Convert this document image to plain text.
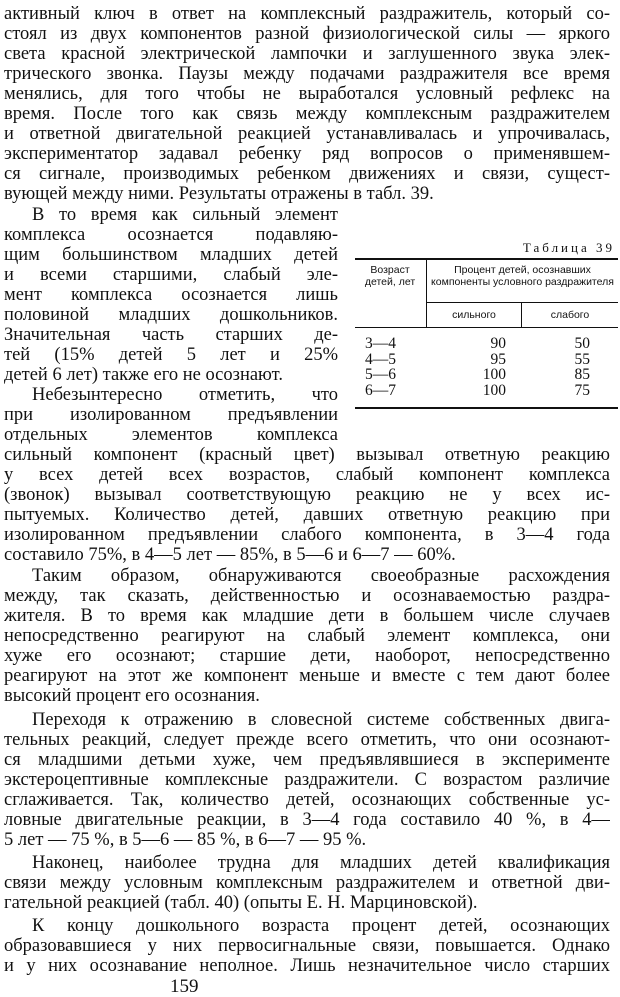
активный ключ в ответ на комплексный раздражитель, который со-
стоял из двух компонентов разной физиологической силы — яркого
света красной электрической лампочки и заглушенного звука элек-
трического звонка. Паузы между подачами раздражителя все время
менялись, для того чтобы не выработался условный рефлекс на
время. После того как связь между комплексным раздражителем
и ответной двигательной реакцией устанавливалась и упрочивалась,
экспериментатор задавал ребенку ряд вопросов о применявшем-
ся сигнале, производимых ребенком движениях и связи, сущест-
вующей между ними. Результаты отражены в табл. 39.
В то время как сильный элемент
комплекса осознается подавляю-
щим большинством младших детей
и всеми старшими, слабый эле-
мент комплекса осознается лишь
половиной младших дошкольников.
Значительная часть старших де-
тей (15% детей 5 лет и 25%
детей 6 лет) также его не осознают.
Небезынтересно отметить, что
при изолированном предъявлении
отдельных элементов комплекса
сильный компонент (красный цвет) вызывал ответную реакцию
у всех детей всех возрастов, слабый компонент комплекса
(звонок) вызывал соответствующую реакцию не у всех ис-
пытуемых. Количество детей, давших ответную реакцию при
изолированном предъявлении слабого компонента, в 3—4 года
составило 75%, в 4—5 лет — 85%, в 5—6 и 6—7 — 60%.
Таким образом, обнаруживаются своеобразные расхождения
между, так сказать, действенностью и осознаваемостью раздра-
жителя. В то время как младшие дети в большем числе случаев
непосредственно реагируют на слабый элемент комплекса, они
хуже его осознают; старшие дети, наоборот, непосредственно
реагируют на этот же компонент меньше и вместе с тем дают более
высокий процент его осознания.
Переходя к отражению в словесной системе собственных двига-
тельных реакций, следует прежде всего отметить, что они осознают-
ся младшими детьми хуже, чем предъявлявшиеся в эксперименте
экстероцептивные комплексные раздражители. С возрастом различие
сглаживается. Так, количество детей, осознающих собственные ус-
ловные двигательные реакции, в 3—4 года составило 40 %, в 4—
5 лет — 75 %, в 5—6 — 85 %, в 6—7 — 95 %.
Наконец, наиболее трудна для младших детей квалификация
связи между условным комплексным раздражителем и ответной дви-
гательной реакцией (табл. 40) (опыты Е. Н. Марциновской).
К концу дошкольного возраста процент детей, осознающих
образовавшиеся у них первосигнальные связи, повышается. Однако
и у них осознавание неполное. Лишь незначительное число старших
Таблица 39
Возраст детей, лет
Процент детей, осознавших компоненты условного раздражителя
сильного	слабого
3—4	90	50
4—5	95	55
5—6	100	85
6—7	100	75
159
